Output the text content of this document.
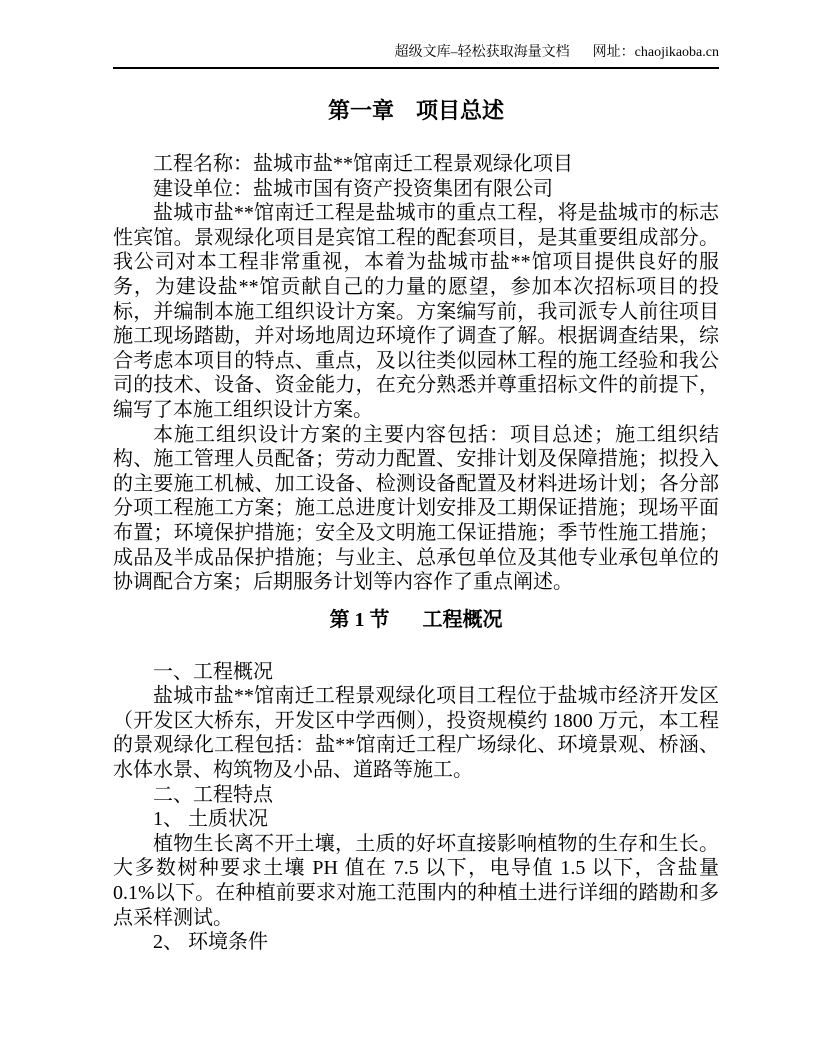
超级文库–轻松获取海量文档 网址：chaojikaoba.cn
第一章 项目总述

工程名称：盐城市盐**馆南迁工程景观绿化项目

建设单位：盐城市国有资产投资集团有限公司

盐城市盐**馆南迁工程是盐城市的重点工程，将是盐城市的标志性宾馆。景观绿化项目是宾馆工程的配套项目，是其重要组成部分。我公司对本工程非常重视，本着为盐城市盐**馆项目提供良好的服务，为建设盐**馆贡献自己的力量的愿望，参加本次招标项目的投标，并编制本施工组织设计方案。方案编写前，我司派专人前往项目施工现场踏勘，并对场地周边环境作了调查了解。根据调查结果，综合考虑本项目的特点、重点，及以往类似园林工程的施工经验和我公司的技术、设备、资金能力，在充分熟悉并尊重招标文件的前提下，编写了本施工组织设计方案。

本施工组织设计方案的主要内容包括：项目总述；施工组织结构、施工管理人员配备；劳动力配置、安排计划及保障措施；拟投入的主要施工机械、加工设备、检测设备配置及材料进场计划；各分部分项工程施工方案；施工总进度计划安排及工期保证措施；现场平面布置；环境保护措施；安全及文明施工保证措施；季节性施工措施；成品及半成品保护措施；与业主、总承包单位及其他专业承包单位的协调配合方案；后期服务计划等内容作了重点阐述。

第 1 节 工程概况

一、工程概况

盐城市盐**馆南迁工程景观绿化项目工程位于盐城市经济开发区（开发区大桥东，开发区中学西侧），投资规模约 1800 万元，本工程的景观绿化工程包括：盐**馆南迁工程广场绿化、环境景观、桥涵、水体水景、构筑物及小品、道路等施工。

二、工程特点

1、 土质状况

植物生长离不开土壤，土质的好坏直接影响植物的生存和生长。大多数树种要求土壤 PH 值在 7.5 以下，电导值 1.5 以下，含盐量 0.1%以下。在种植前要求对施工范围内的种植土进行详细的踏勘和多点采样测试。

2、 环境条件
